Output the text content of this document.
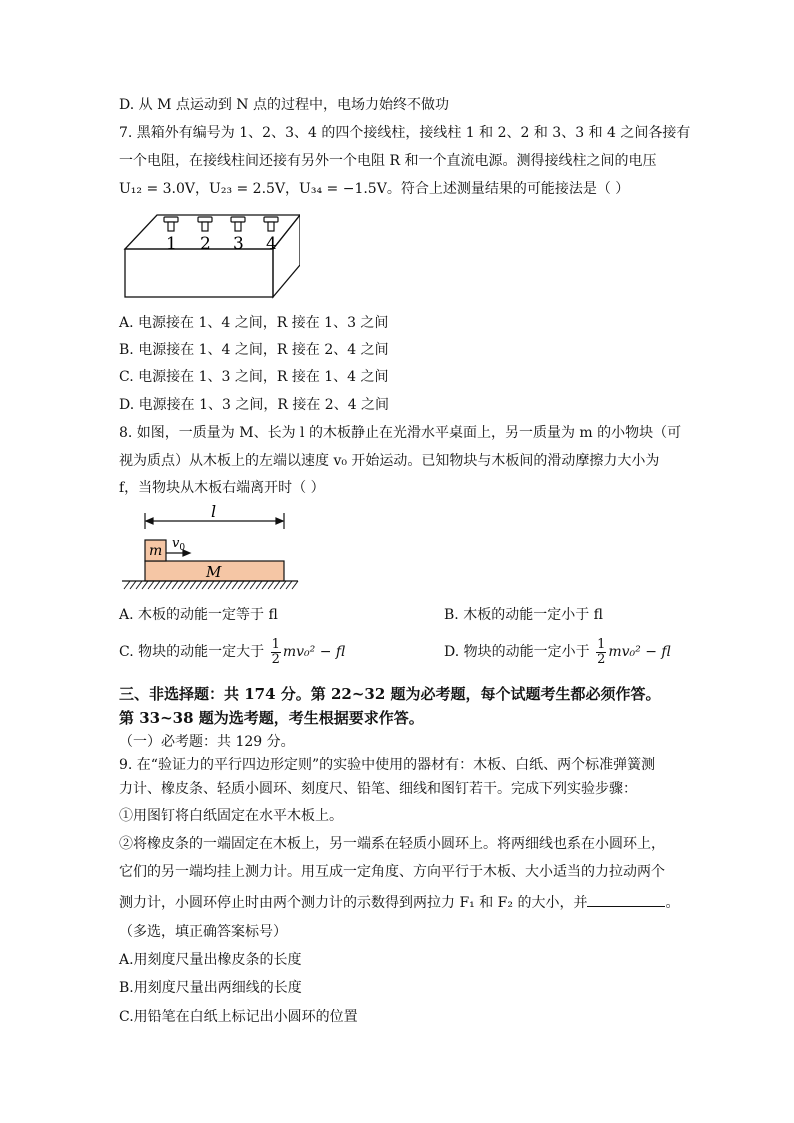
D. 从 M 点运动到 N 点的过程中，电场力始终不做功
7. 黑箱外有编号为 1、2、3、4 的四个接线柱，接线柱 1 和 2、2 和 3、3 和 4 之间各接有
一个电阻，在接线柱间还接有另外一个电阻 R 和一个直流电源。测得接线柱之间的电压
U₁₂ = 3.0V，U₂₃ = 2.5V，U₃₄ = −1.5V。符合上述测量结果的可能接法是（ ）
1 2 3 4
A. 电源接在 1、4 之间，R 接在 1、3 之间
B. 电源接在 1、4 之间，R 接在 2、4 之间
C. 电源接在 1、3 之间，R 接在 1、4 之间
D. 电源接在 1、3 之间，R 接在 2、4 之间
8. 如图，一质量为 M、长为 l 的木板静止在光滑水平桌面上，另一质量为 m 的小物块（可
视为质点）从木板上的左端以速度 v₀ 开始运动。已知物块与木板间的滑动摩擦力大小为
f，当物块从木板右端离开时（ ）
l
M
m $v_0$
A. 木板的动能一定等于 fl	B. 木板的动能一定小于 fl
C. 物块的动能一定大于 $\frac{1}{2} mv_0^2$ − fl	D. 物块的动能一定小于 $\frac{1}{2} mv_0^2$ − fl
三、非选择题：共 174 分。第 22~32 题为必考题，每个试题考生都必须作答。
第 33~38 题为选考题，考生根据要求作答。
（一）必考题：共 129 分。
9. 在“验证力的平行四边形定则”的实验中使用的器材有：木板、白纸、两个标准弹簧测
力计、橡皮条、轻质小圆环、刻度尺、铅笔、细线和图钉若干。完成下列实验步骤：
①用图钉将白纸固定在水平木板上。
②将橡皮条的一端固定在木板上，另一端系在轻质小圆环上。将两细线也系在小圆环上，
它们的另一端均挂上测力计。用互成一定角度、方向平行于木板、大小适当的力拉动两个
测力计，小圆环停止时由两个测力计的示数得到两拉力 F₁ 和 F₂ 的大小，并	。
（多选，填正确答案标号）
A.用刻度尺量出橡皮条的长度
B.用刻度尺量出两细线的长度
C.用铅笔在白纸上标记出小圆环的位置
